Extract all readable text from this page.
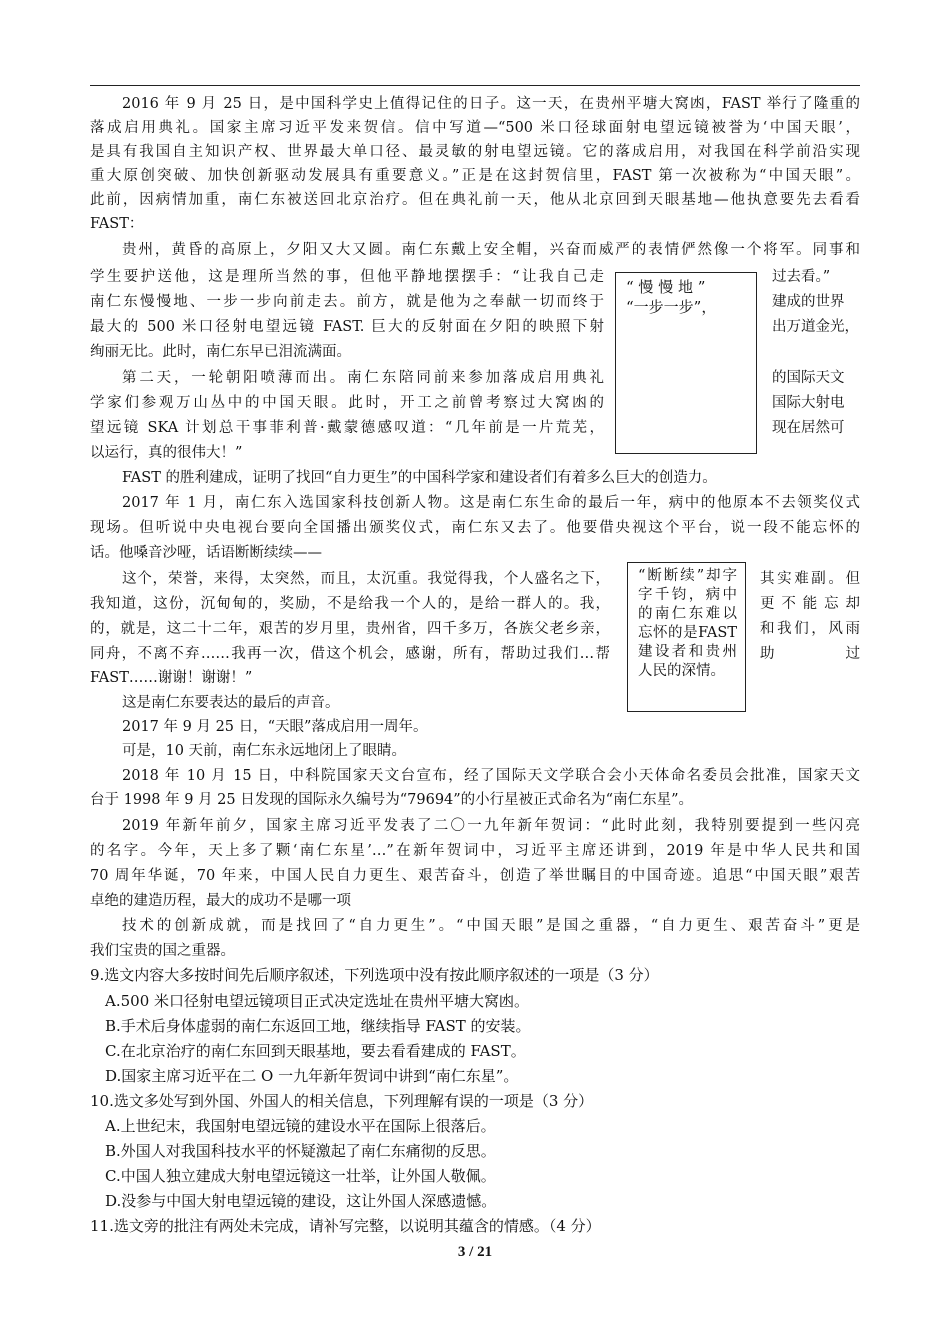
2016 年 9 月 25 日，是中国科学史上值得记住的日子。这一天，在贵州平塘大窝凼，FAST 举行了隆重的
落成启用典礼。国家主席习近平发来贺信。信中写道—“500 米口径球面射电望远镜被誉为‘中国天眼’，
是具有我国自主知识产权、世界最大单口径、最灵敏的射电望远镜。它的落成启用，对我国在科学前沿实现
重大原创突破、加快创新驱动发展具有重要意义。”正是在这封贺信里，FAST 第一次被称为“中国天眼”。
此前，因病情加重，南仁东被送回北京治疗。但在典礼前一天，他从北京回到天眼基地—他执意要先去看看
FAST：
贵州，黄昏的高原上，夕阳又大又圆。南仁东戴上安全帽，兴奋而威严的表情俨然像一个将军。同事和
学生要护送他，这是理所当然的事，但他平静地摆摆手：“让我自己走
南仁东慢慢地、一步一步向前走去。前方，就是他为之奉献一切而终于
最大的 500 米口径射电望远镜 FAST. 巨大的反射面在夕阳的映照下射
绚丽无比。此时，南仁东早已泪流满面。
过去看。”
建成的世界
出万道金光，
“ 慢 慢 地 ”
“一步一步”，
第二天，一轮朝阳喷薄而出。南仁东陪同前来参加落成启用典礼
学家们参观万山丛中的中国天眼。此时，开工之前曾考察过大窝凼的
望远镜 SKA 计划总干事菲利普·戴蒙德感叹道：“几年前是一片荒芜，
以运行，真的很伟大！”
的国际天文
国际大射电
现在居然可
FAST 的胜利建成，证明了找回“自力更生”的中国科学家和建设者们有着多么巨大的创造力。
2017 年 1 月，南仁东入选国家科技创新人物。这是南仁东生命的最后一年，病中的他原本不去领奖仪式
现场。但听说中央电视台要向全国播出颁奖仪式，南仁东又去了。他要借央视这个平台，说一段不能忘怀的
话。他嗓音沙哑，话语断断续续——
这个，荣誉，来得，太突然，而且，太沉重。我觉得我，个人盛名之下，
我知道，这份，沉甸甸的，奖励，不是给我一个人的，是给一群人的。我，
的，就是，这二十二年，艰苦的岁月里，贵州省，四千多万，各族父老乡亲，
同舟，不离不弃……我再一次，借这个机会，感谢，所有，帮助过我们…帮
FAST……谢谢！谢谢！”
其实难副。但
更不能忘却
和我们，风雨
助过
“断断续”却字字千钧，病中的南仁东难以忘怀的是FAST建设者和贵州人民的深情。
这是南仁东要表达的最后的声音。
2017 年 9 月 25 日，“天眼”落成启用一周年。
可是，10 天前，南仁东永远地闭上了眼睛。
2018 年 10 月 15 日，中科院国家天文台宣布，经了国际天文学联合会小天体命名委员会批准，国家天文
台于 1998 年 9 月 25 日发现的国际永久编号为“79694”的小行星被正式命名为“南仁东星”。
2019 年新年前夕，国家主席习近平发表了二〇一九年新年贺词：“此时此刻，我特别要提到一些闪亮
的名字。今年，天上多了颗‘南仁东星’…”在新年贺词中，习近平主席还讲到，2019 年是中华人民共和国
70 周年华诞，70 年来，中国人民自力更生、艰苦奋斗，创造了举世瞩目的中国奇迹。追思“中国天眼”艰苦
卓绝的建造历程，最大的成功不是哪一项
技术的创新成就，而是找回了“自力更生”。“中国天眼”是国之重器，“自力更生、艰苦奋斗”更是
我们宝贵的国之重器。
9.选文内容大多按时间先后顺序叙述，下列选项中没有按此顺序叙述的一项是（3 分）
A.500 米口径射电望远镜项目正式决定选址在贵州平塘大窝凼。
B.手术后身体虚弱的南仁东返回工地，继续指导 FAST 的安装。
C.在北京治疗的南仁东回到天眼基地，要去看看建成的 FAST。
D.国家主席习近平在二 O 一九年新年贺词中讲到“南仁东星”。
10.选文多处写到外国、外国人的相关信息，下列理解有误的一项是（3 分）
A.上世纪末，我国射电望远镜的建设水平在国际上很落后。
B.外国人对我国科技水平的怀疑激起了南仁东痛彻的反思。
C.中国人独立建成大射电望远镜这一壮举，让外国人敬佩。
D.没参与中国大射电望远镜的建设，这让外国人深感遗憾。
11.选文旁的批注有两处未完成，请补写完整，以说明其蕴含的情感。（4 分）
3 / 21
